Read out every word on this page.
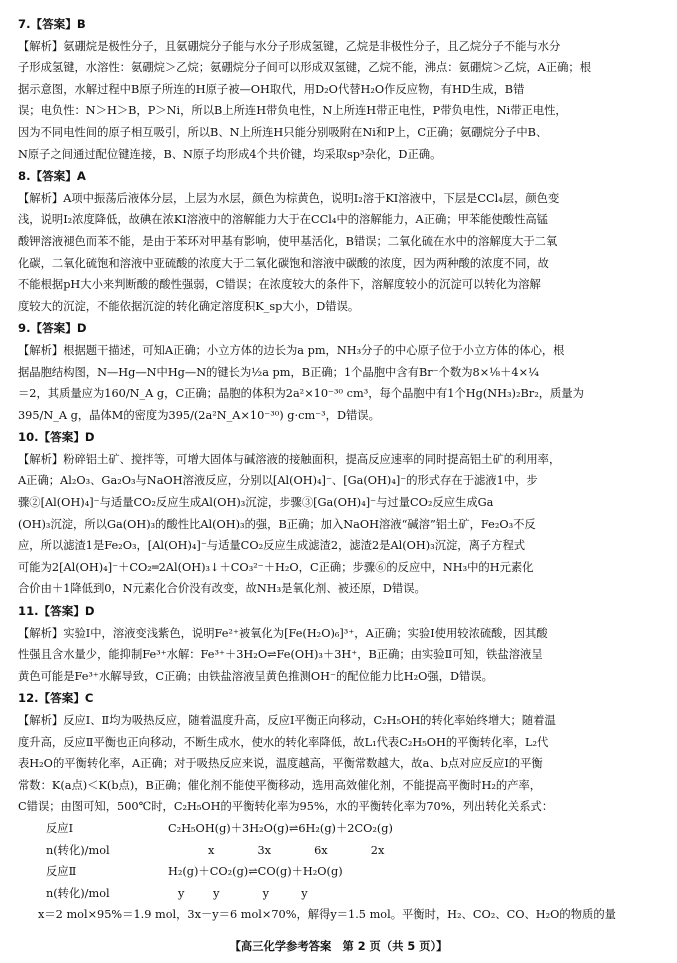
7.【答案】B
【解析】氨硼烷是极性分子，且氨硼烷分子能与水分子形成氢键，乙烷是非极性分子，且乙烷分子不能与水分
子形成氢键，水溶性：氨硼烷＞乙烷；氨硼烷分子间可以形成双氢键，乙烷不能，沸点：氨硼烷＞乙烷，A正确；根
据示意图，水解过程中B原子所连的H原子被—OH取代，用D₂O代替H₂O作反应物，有HD生成，B错
误；电负性：N＞H＞B，P＞Ni，所以B上所连H带负电性，N上所连H带正电性，P带负电性，Ni带正电性，
因为不同电性间的原子相互吸引，所以B、N上所连H只能分别吸附在Ni和P上，C正确；氨硼烷分子中B、
N原子之间通过配位键连接，B、N原子均形成4个共价键，均采取sp³杂化，D正确。
8.【答案】A
【解析】A项中振荡后液体分层，上层为水层，颜色为棕黄色，说明I₂溶于KI溶液中，下层是CCl₄层，颜色变
浅，说明I₂浓度降低，故碘在浓KI溶液中的溶解能力大于在CCl₄中的溶解能力，A正确；甲苯能使酸性高锰
酸钾溶液褪色而苯不能，是由于苯环对甲基有影响，使甲基活化，B错误；二氧化硫在水中的溶解度大于二氧
化碳，二氧化硫饱和溶液中亚硫酸的浓度大于二氧化碳饱和溶液中碳酸的浓度，因为两种酸的浓度不同，故
不能根据pH大小来判断酸的酸性强弱，C错误；在浓度较大的条件下，溶解度较小的沉淀可以转化为溶解
度较大的沉淀，不能依据沉淀的转化确定溶度积K_sp大小，D错误。
9.【答案】D
【解析】根据题干描述，可知A正确；小立方体的边长为a pm，NH₃分子的中心原子位于小立方体的体心，根
据晶胞结构图，N—Hg—N中Hg—N的键长为½a pm，B正确；1个晶胞中含有Br⁻个数为8×⅛＋4×¼
＝2，其质量应为160/N_A g，C正确；晶胞的体积为2a²×10⁻³⁰ cm³，每个晶胞中有1个Hg(NH₃)₂Br₂，质量为
395/N_A g，晶体M的密度为395/(2a²N_A×10⁻³⁰) g·cm⁻³，D错误。
10.【答案】D
【解析】粉碎铝土矿、搅拌等，可增大固体与碱溶液的接触面积，提高反应速率的同时提高铝土矿的利用率，
A正确；Al₂O₃、Ga₂O₃与NaOH溶液反应，分别以[Al(OH)₄]⁻、[Ga(OH)₄]⁻的形式存在于滤液1中，步
骤②[Al(OH)₄]⁻与适量CO₂反应生成Al(OH)₃沉淀，步骤③[Ga(OH)₄]⁻与过量CO₂反应生成Ga
(OH)₃沉淀，所以Ga(OH)₃的酸性比Al(OH)₃的强，B正确；加入NaOH溶液“碱溶”铝土矿，Fe₂O₃不反
应，所以滤渣1是Fe₂O₃，[Al(OH)₄]⁻与适量CO₂反应生成滤渣2，滤渣2是Al(OH)₃沉淀，离子方程式
可能为2[Al(OH)₄]⁻＋CO₂═2Al(OH)₃↓＋CO₃²⁻＋H₂O，C正确；步骤⑥的反应中，NH₃中的H元素化
合价由＋1降低到0，N元素化合价没有改变，故NH₃是氧化剂、被还原，D错误。
11.【答案】D
【解析】实验Ⅰ中，溶液变浅紫色，说明Fe²⁺被氧化为[Fe(H₂O)₆]³⁺，A正确；实验Ⅰ使用较浓硫酸，因其酸
性强且含水量少，能抑制Fe³⁺水解：Fe³⁺＋3H₂O⇌Fe(OH)₃＋3H⁺，B正确；由实验Ⅱ可知，铁盐溶液呈
黄色可能是Fe³⁺水解导致，C正确；由铁盐溶液呈黄色推测OH⁻的配位能力比H₂O强，D错误。
12.【答案】C
【解析】反应Ⅰ、Ⅱ均为吸热反应，随着温度升高，反应Ⅰ平衡正向移动，C₂H₅OH的转化率始终增大；随着温
度升高，反应Ⅱ平衡也正向移动，不断生成水，使水的转化率降低，故L₁代表C₂H₅OH的平衡转化率，L₂代
表H₂O的平衡转化率，A正确；对于吸热反应来说，温度越高，平衡常数越大，故a、b点对应反应Ⅰ的平衡
常数：K(a点)＜K(b点)，B正确；催化剂不能使平衡移动，选用高效催化剂，不能提高平衡时H₂的产率，
C错误；由图可知，500℃时，C₂H₅OH的平衡转化率为95%，水的平衡转化率为70%，列出转化关系式：
反应Ⅰ	C₂H₅OH(g)＋3H₂O(g)⇌6H₂(g)＋2CO₂(g)
n(转化)/mol	x            3x            6x            2x
反应Ⅱ	H₂(g)＋CO₂(g)⇌CO(g)＋H₂O(g)
n(转化)/mol	y        y            y         y
x＝2 mol×95%＝1.9 mol，3x－y＝6 mol×70%，解得y＝1.5 mol。平衡时，H₂、CO₂、CO、H₂O的物质的量
【高三化学参考答案　第 2 页（共 5 页）】
